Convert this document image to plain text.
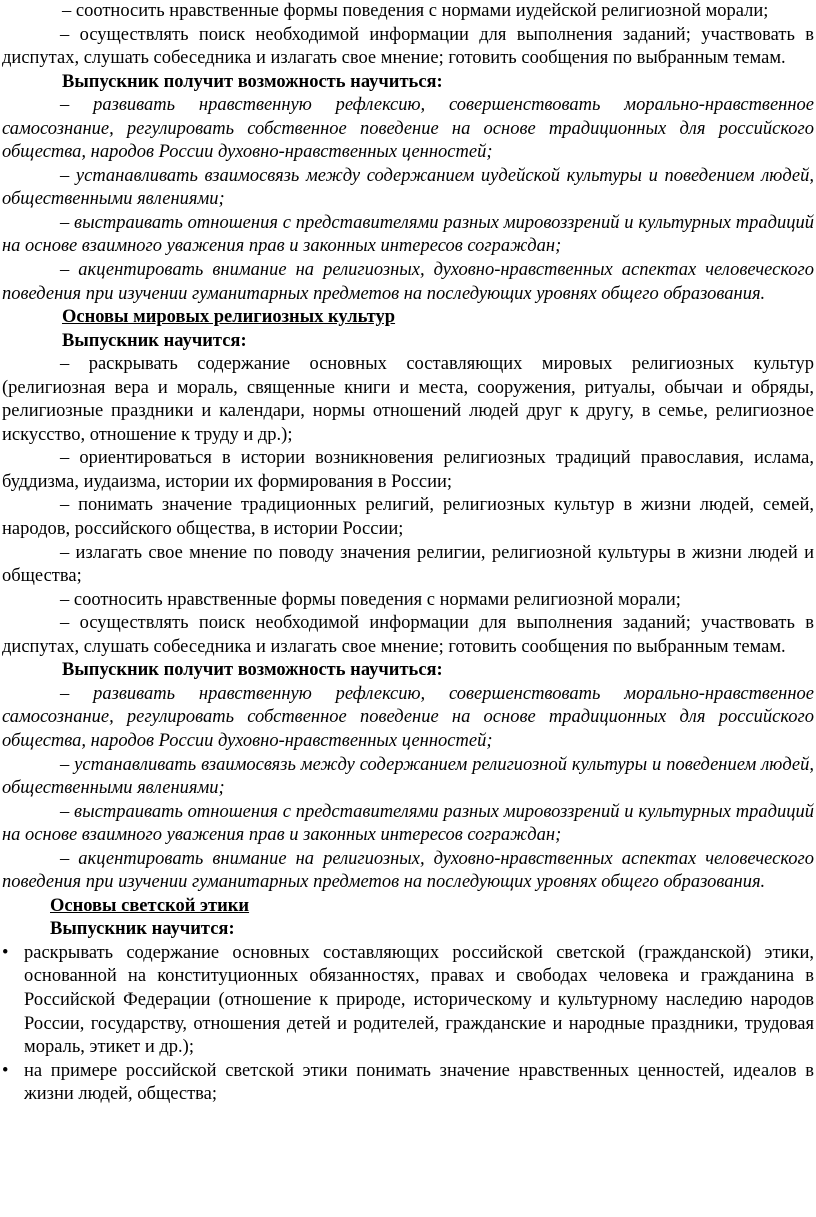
– соотносить нравственные формы поведения с нормами иудейской религиозной морали;

– осуществлять поиск необходимой информации для выполнения заданий; участвовать в диспутах, слушать собеседника и излагать свое мнение; готовить сообщения по выбранным темам.

Выпускник получит возможность научиться:

– развивать нравственную рефлексию, совершенствовать морально-нравственное самосознание, регулировать собственное поведение на основе традиционных для российского общества, народов России духовно-нравственных ценностей;

– устанавливать взаимосвязь между содержанием иудейской культуры и поведением людей, общественными явлениями;

– выстраивать отношения с представителями разных мировоззрений и культурных традиций на основе взаимного уважения прав и законных интересов сограждан;

– акцентировать внимание на религиозных, духовно-нравственных аспектах человеческого поведения при изучении гуманитарных предметов на последующих уровнях общего образования.

Основы мировых религиозных культур

Выпускник научится:

– раскрывать содержание основных составляющих мировых религиозных культур (религиозная вера и мораль, священные книги и места, сооружения, ритуалы, обычаи и обряды, религиозные праздники и календари, нормы отношений людей друг к другу, в семье, религиозное искусство, отношение к труду и др.);

– ориентироваться в истории возникновения религиозных традиций православия, ислама, буддизма, иудаизма, истории их формирования в России;

– понимать значение традиционных религий, религиозных культур в жизни людей, семей, народов, российского общества, в истории России;

– излагать свое мнение по поводу значения религии, религиозной культуры в жизни людей и общества;

– соотносить нравственные формы поведения с нормами религиозной морали;

– осуществлять поиск необходимой информации для выполнения заданий; участвовать в диспутах, слушать собеседника и излагать свое мнение; готовить сообщения по выбранным темам.

Выпускник получит возможность научиться:

– развивать нравственную рефлексию, совершенствовать морально-нравственное самосознание, регулировать собственное поведение на основе традиционных для российского общества, народов России духовно-нравственных ценностей;

– устанавливать взаимосвязь между содержанием религиозной культуры и поведением людей, общественными явлениями;

– выстраивать отношения с представителями разных мировоззрений и культурных традиций на основе взаимного уважения прав и законных интересов сограждан;

– акцентировать внимание на религиозных, духовно-нравственных аспектах человеческого поведения при изучении гуманитарных предметов на последующих уровнях общего образования.

Основы светской этики

Выпускник научится:

• раскрывать содержание основных составляющих российской светской (гражданской) этики, основанной на конституционных обязанностях, правах и свободах человека и гражданина в Российской Федерации (отношение к природе, историческому и культурному наследию народов России, государству, отношения детей и родителей, гражданские и народные праздники, трудовая мораль, этикет и др.);
• на примере российской светской этики понимать значение нравственных ценностей, идеалов в жизни людей, общества;
